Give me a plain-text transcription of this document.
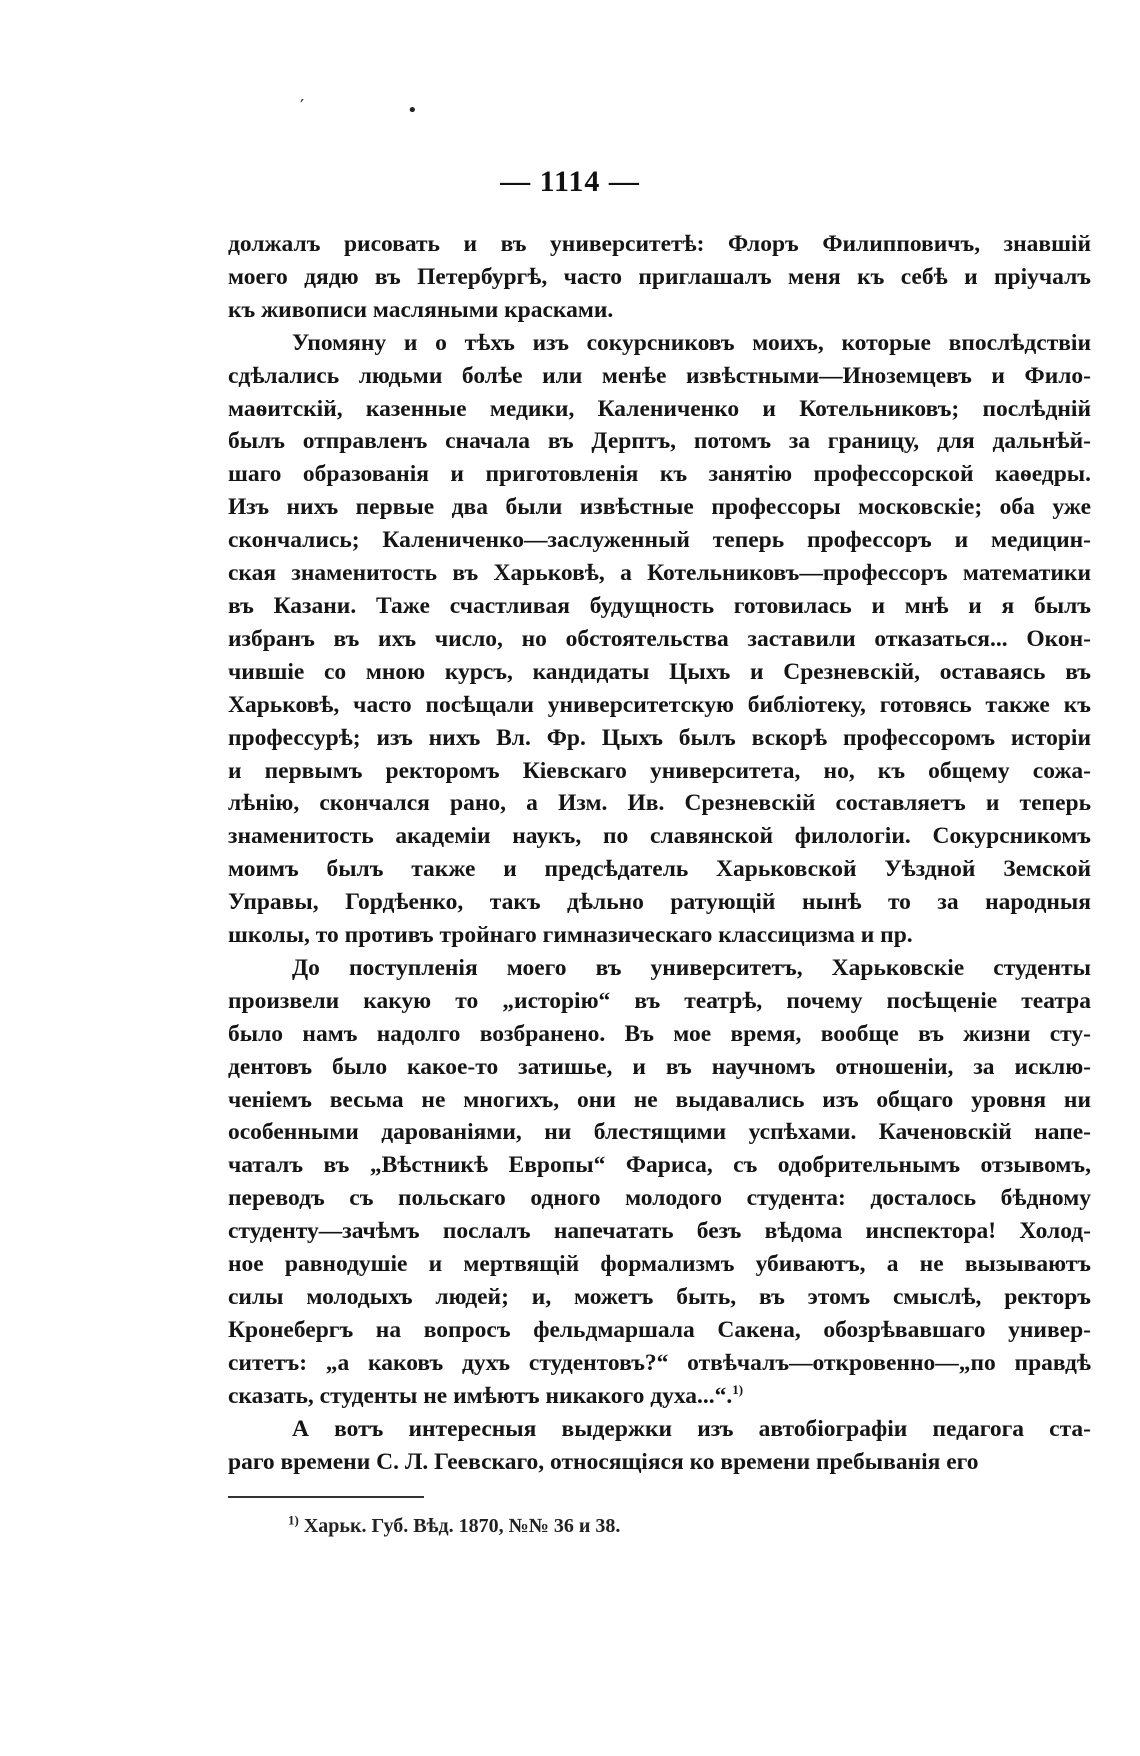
′	•
— 1114 —

должалъ рисовать и въ университетѣ: Флоръ Филипповичъ, знавшій
моего дядю въ Петербургѣ, часто приглашалъ меня къ себѣ и пріучалъ
къ живописи масляными красками.

Упомяну и о тѣхъ изъ сокурсниковъ моихъ, которые впослѣдствіи
сдѣлались людьми болѣе или менѣе извѣстными—Иноземцевъ и Фило-
маѳитскій, казенные медики, Калениченко и Котельниковъ; послѣдній
былъ отправленъ сначала въ Дерптъ, потомъ за границу, для дальнѣй-
шаго образованія и приготовленія къ занятію профессорской каѳедры.
Изъ нихъ первые два были извѣстные профессоры московскіе; оба уже
скончались; Калениченко—заслуженный теперь профессоръ и медицин-
ская знаменитость въ Харьковѣ, а Котельниковъ—профессоръ математики
въ Казани. Таже счастливая будущность готовилась и мнѣ и я былъ
избранъ въ ихъ число, но обстоятельства заставили отказаться... Окон-
чившіе со мною курсъ, кандидаты Цыхъ и Срезневскій, оставаясь въ
Харьковѣ, часто посѣщали университетскую библіотеку, готовясь также къ
профессурѣ; изъ нихъ Вл. Фр. Цыхъ былъ вскорѣ профессоромъ исторіи
и первымъ ректоромъ Кіевскаго университета, но, къ общему сожа-
лѣнію, скончался рано, а Изм. Ив. Срезневскій составляетъ и теперь
знаменитость академіи наукъ, по славянской филологіи. Сокурсникомъ
моимъ былъ также и предсѣдатель Харьковской Уѣздной Земской
Управы, Гордѣенко, такъ дѣльно ратующій нынѣ то за народныя
школы, то противъ тройнаго гимназическаго классицизма и пр.

До поступленія моего въ университетъ, Харьковскіе студенты
произвели какую то „исторію“ въ театрѣ, почему посѣщеніе театра
было намъ надолго возбранено. Въ мое время, вообще въ жизни сту-
дентовъ было какое-то затишье, и въ научномъ отношеніи, за исклю-
ченіемъ весьма не многихъ, они не выдавались изъ общаго уровня ни
особенными дарованіями, ни блестящими успѣхами. Каченовскій напе-
чаталъ въ „Вѣстникѣ Европы“ Фариса, съ одобрительнымъ отзывомъ,
переводъ съ польскаго одного молодого студента: досталось бѣдному
студенту—зачѣмъ послалъ напечатать безъ вѣдома инспектора! Холод-
ное равнодушіе и мертвящій формализмъ убиваютъ, а не вызываютъ
силы молодыхъ людей; и, можетъ быть, въ этомъ смыслѣ, ректоръ
Кронебергъ на вопросъ фельдмаршала Сакена, обозрѣвавшаго универ-
ситетъ: „а каковъ духъ студентовъ?“ отвѣчалъ—откровенно—„по правдѣ
сказать, студенты не имѣютъ никакого духа...“.$^{1)}$

А вотъ интересныя выдержки изъ автобіографіи педагога ста-
раго времени С. Л. Геевскаго, относящіяся ко времени пребыванія его

$^{1)}$ Харьк. Губ. Вѣд. 1870, №№ 36 и 38.
